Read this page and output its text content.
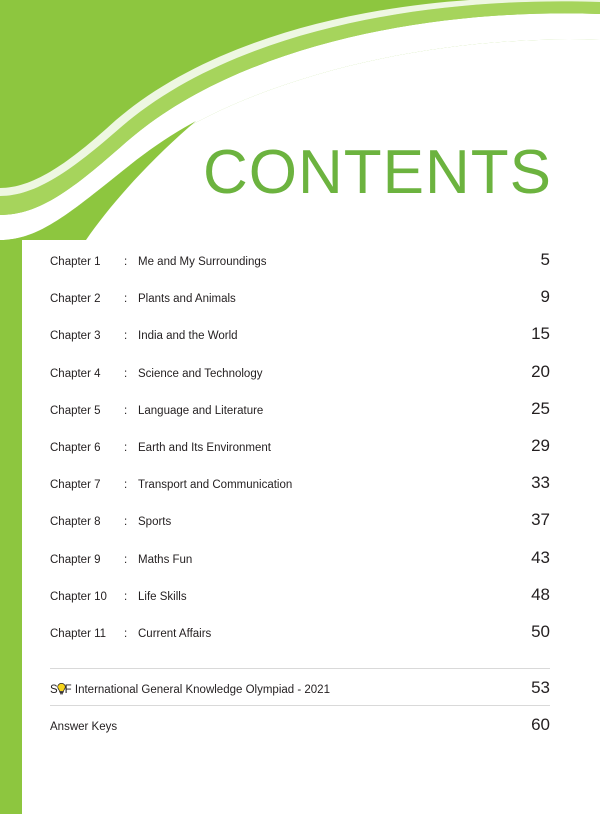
CONTENTS
Chapter 1	: Me and My Surroundings	5
Chapter 2	: Plants and Animals	9
Chapter 3	: India and the World	15
Chapter 4	: Science and Technology	20
Chapter 5	: Language and Literature	25
Chapter 6	: Earth and Its Environment	29
Chapter 7	: Transport and Communication	33
Chapter 8	: Sports	37
Chapter 9	: Maths Fun	43
Chapter 10	: Life Skills	48
Chapter 11	: Current Affairs	50
S F International General Knowledge Olympiad - 2021	53
Answer Keys	60
